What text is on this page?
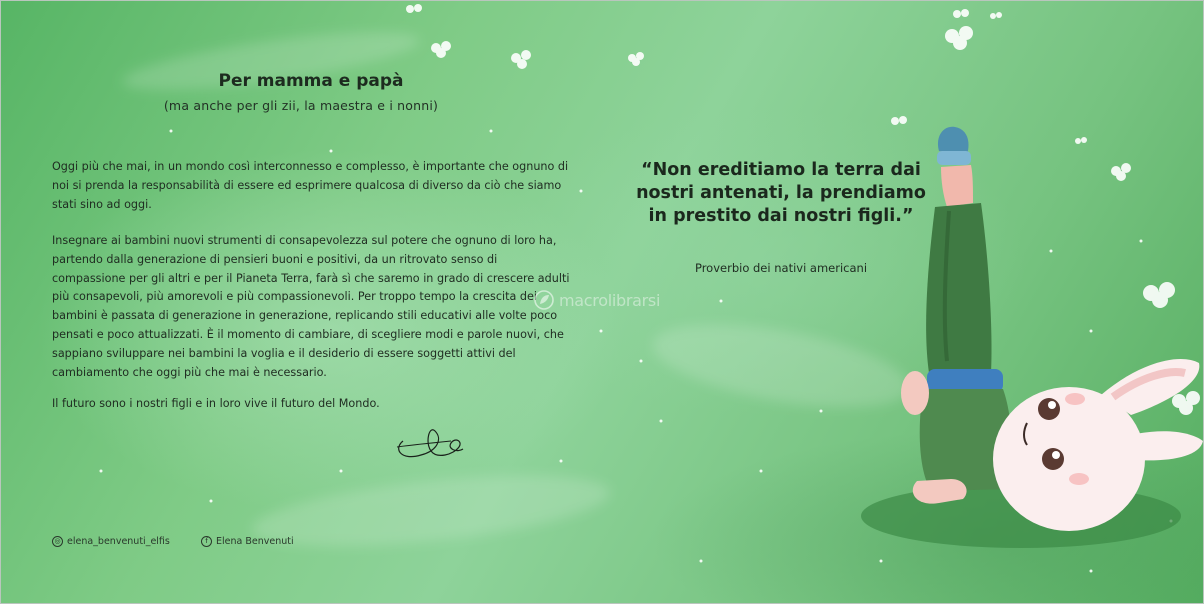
Per mamma e papà
(ma anche per gli zii, la maestra e i nonni)
Oggi più che mai, in un mondo così interconnesso e complesso, è importante che ognuno di noi si prenda la responsabilità di essere ed esprimere qualcosa di diverso da ciò che siamo stati sino ad oggi.
Insegnare ai bambini nuovi strumenti di consapevolezza sul potere che ognuno di loro ha, partendo dalla generazione di pensieri buoni e positivi, da un ritrovato senso di compassione per gli altri e per il Pianeta Terra, farà sì che saremo in grado di crescere adulti più consapevoli, più amorevoli e più compassionevoli. Per troppo tempo la crescita dei bambini è passata di generazione in generazione, replicando stili educativi alle volte poco pensati e poco attualizzati. È il momento di cambiare, di scegliere modi e parole nuovi, che sappiano sviluppare nei bambini la voglia e il desiderio di essere soggetti attivi del cambiamento che oggi più che mai è necessario.
Il futuro sono i nostri figli e in loro vive il futuro del Mondo.
◎ elena_benvenuti_elfis	f Elena Benvenuti
macrolibrarsi
“Non ereditiamo la terra dai nostri antenati, la prendiamo in prestito dai nostri figli.”
Proverbio dei nativi americani
